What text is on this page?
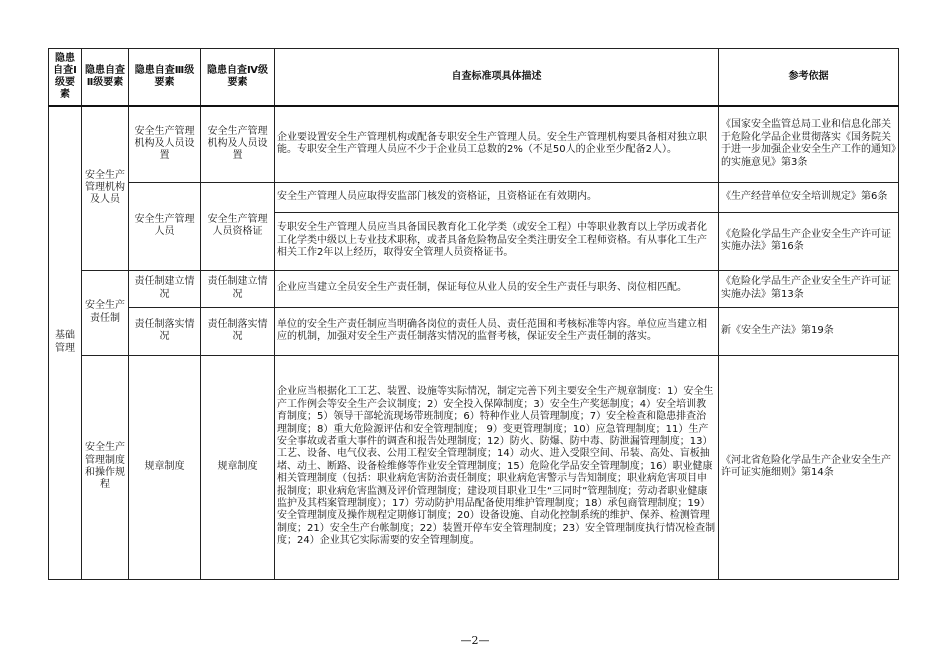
隐患自查Ⅰ级要素	隐患自查Ⅱ级要素	隐患自查Ⅲ级要素	隐患自查Ⅳ级要素	自查标准项具体描述	参考依据
基础管理	安全生产管理机构及人员	安全生产管理机构及人员设置	安全生产管理机构及人员设置	企业要设置安全生产管理机构或配备专职安全生产管理人员。安全生产管理机构要具备相对独立职能。专职安全生产管理人员应不少于企业员工总数的2%（不足50人的企业至少配备2人）。	《国家安全监管总局工业和信息化部关于危险化学品企业贯彻落实《国务院关于进一步加强企业安全生产工作的通知》的实施意见》第3条
		安全生产管理人员	安全生产管理人员资格证	安全生产管理人员应取得安监部门核发的资格证，且资格证在有效期内。	《生产经营单位安全培训规定》第6条
				专职安全生产管理人员应当具备国民教育化工化学类（或安全工程）中等职业教育以上学历或者化工化学类中级以上专业技术职称，或者具备危险物品安全类注册安全工程师资格。有从事化工生产相关工作2年以上经历，取得安全管理人员资格证书。	《危险化学品生产企业安全生产许可证实施办法》第16条
	安全生产责任制	责任制建立情况	责任制建立情况	企业应当建立全员安全生产责任制，保证每位从业人员的安全生产责任与职务、岗位相匹配。	《危险化学品生产企业安全生产许可证实施办法》第13条
		责任制落实情况	责任制落实情况	单位的安全生产责任制应当明确各岗位的责任人员、责任范围和考核标准等内容。单位应当建立相应的机制，加强对安全生产责任制落实情况的监督考核，保证安全生产责任制的落实。	新《安全生产法》第19条
	安全生产管理制度和操作规程	规章制度	规章制度	企业应当根据化工工艺、装置、设施等实际情况，制定完善下列主要安全生产规章制度：1）安全生产工作例会等安全生产会议制度；2）安全投入保障制度；3）安全生产奖惩制度；4）安全培训教育制度；5）领导干部轮流现场带班制度；6）特种作业人员管理制度；7）安全检查和隐患排查治理制度；8）重大危险源评估和安全管理制度； 9）变更管理制度；10）应急管理制度；11）生产安全事故或者重大事件的调查和报告处理制度；12）防火、防爆、防中毒、防泄漏管理制度；13）工艺、设备、电气仪表、公用工程安全管理制度；14）动火、进入受限空间、吊装、高处、盲板抽堵、动土、断路、设备检维修等作业安全管理制度；15）危险化学品安全管理制度；16）职业健康相关管理制度（包括：职业病危害防治责任制度；职业病危害警示与告知制度；职业病危害项目申报制度；职业病危害监测及评价管理制度；建设项目职业卫生“三同时”管理制度；劳动者职业健康监护及其档案管理制度）；17）劳动防护用品配备使用维护管理制度；18）承包商管理制度；19）安全管理制度及操作规程定期修订制度；20）设备设施、自动化控制系统的维护、保养、检测管理制度；21）安全生产台帐制度；22）装置开停车安全管理制度；23）安全管理制度执行情况检查制度；24）企业其它实际需要的安全管理制度。	《河北省危险化学品生产企业安全生产许可证实施细则》第14条
—2—
